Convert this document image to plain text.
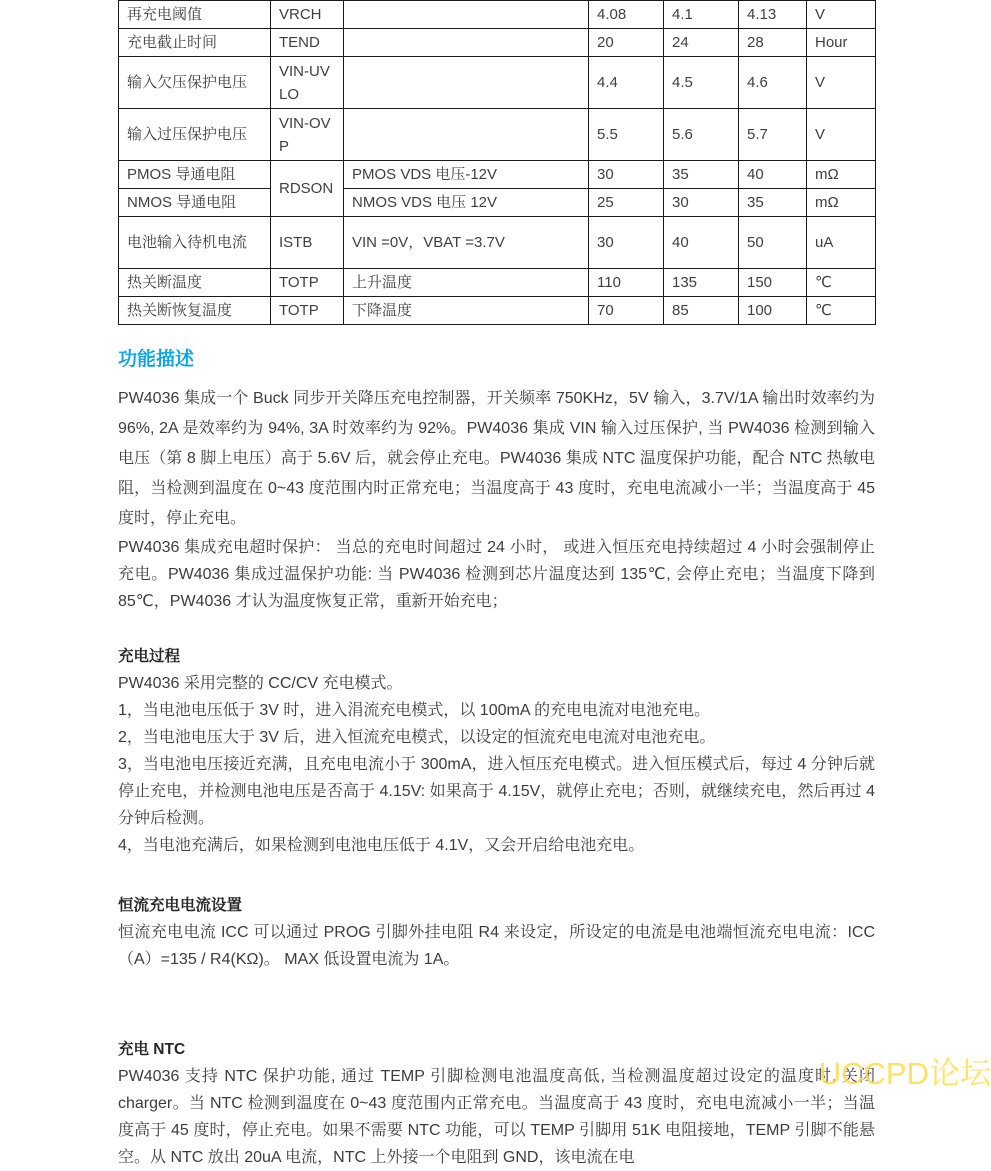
再充电阈值	VRCH		4.08	4.1	4.13	V
充电截止时间	TEND		20	24	28	Hour
输入欠压保护电压	VIN-UVLO		4.4	4.5	4.6	V
输入过压保护电压	VIN-OVP		5.5	5.6	5.7	V
PMOS 导通电阻	RDSON	PMOS VDS 电压-12V	30	35	40	mΩ
NMOS 导通电阻		NMOS VDS 电压 12V	25	30	35	mΩ
电池输入待机电流	ISTB	VIN =0V，VBAT =3.7V	30	40	50	uA
热关断温度	TOTP	上升温度	110	135	150	℃
热关断恢复温度	TOTP	下降温度	70	85	100	℃
功能描述

PW4036 集成一个 Buck 同步开关降压充电控制器，开关频率 750KHz，5V 输入，3.7V/1A 输出时效率约为 96%, 2A 是效率约为 94%, 3A 时效率约为 92%。PW4036 集成 VIN 输入过压保护, 当 PW4036 检测到输入电压（第 8 脚上电压）高于 5.6V 后，就会停止充电。PW4036 集成 NTC 温度保护功能，配合 NTC 热敏电阻，当检测到温度在 0~43 度范围内时正常充电；当温度高于 43 度时，充电电流减小一半；当温度高于 45 度时，停止充电。

PW4036 集成充电超时保护： 当总的充电时间超过 24 小时， 或进入恒压充电持续超过 4 小时会强制停止充电。PW4036 集成过温保护功能: 当 PW4036 检测到芯片温度达到 135℃, 会停止充电；当温度下降到 85℃，PW4036 才认为温度恢复正常，重新开始充电；

充电过程

PW4036 采用完整的 CC/CV 充电模式。

1，当电池电压低于 3V 时，进入涓流充电模式，以 100mA 的充电电流对电池充电。
2，当电池电压大于 3V 后，进入恒流充电模式，以设定的恒流充电电流对电池充电。
3，当电池电压接近充满，且充电电流小于 300mA，进入恒压充电模式。进入恒压模式后，每过 4 分钟后就停止充电，并检测电池电压是否高于 4.15V: 如果高于 4.15V，就停止充电；否则，就继续充电，然后再过 4 分钟后检测。
4，当电池充满后，如果检测到电池电压低于 4.1V，又会开启给电池充电。
恒流充电电流设置

恒流充电电流 ICC 可以通过 PROG 引脚外挂电阻 R4 来设定，所设定的电流是电池端恒流充电电流：ICC（A）=135 / R4(KΩ)。 MAX 低设置电流为 1A。

充电 NTC

PW4036 支持 NTC 保护功能, 通过 TEMP 引脚检测电池温度高低, 当检测温度超过设定的温度时, 关闭 charger。当 NTC 检测到温度在 0~43 度范围内正常充电。当温度高于 43 度时，充电电流减小一半；当温度高于 45 度时，停止充电。如果不需要 NTC 功能，可以 TEMP 引脚用 51K 电阻接地，TEMP 引脚不能悬空。从 NTC 放出 20uA 电流，NTC 上外接一个电阻到 GND，该电流在电

UCCPD论坛
